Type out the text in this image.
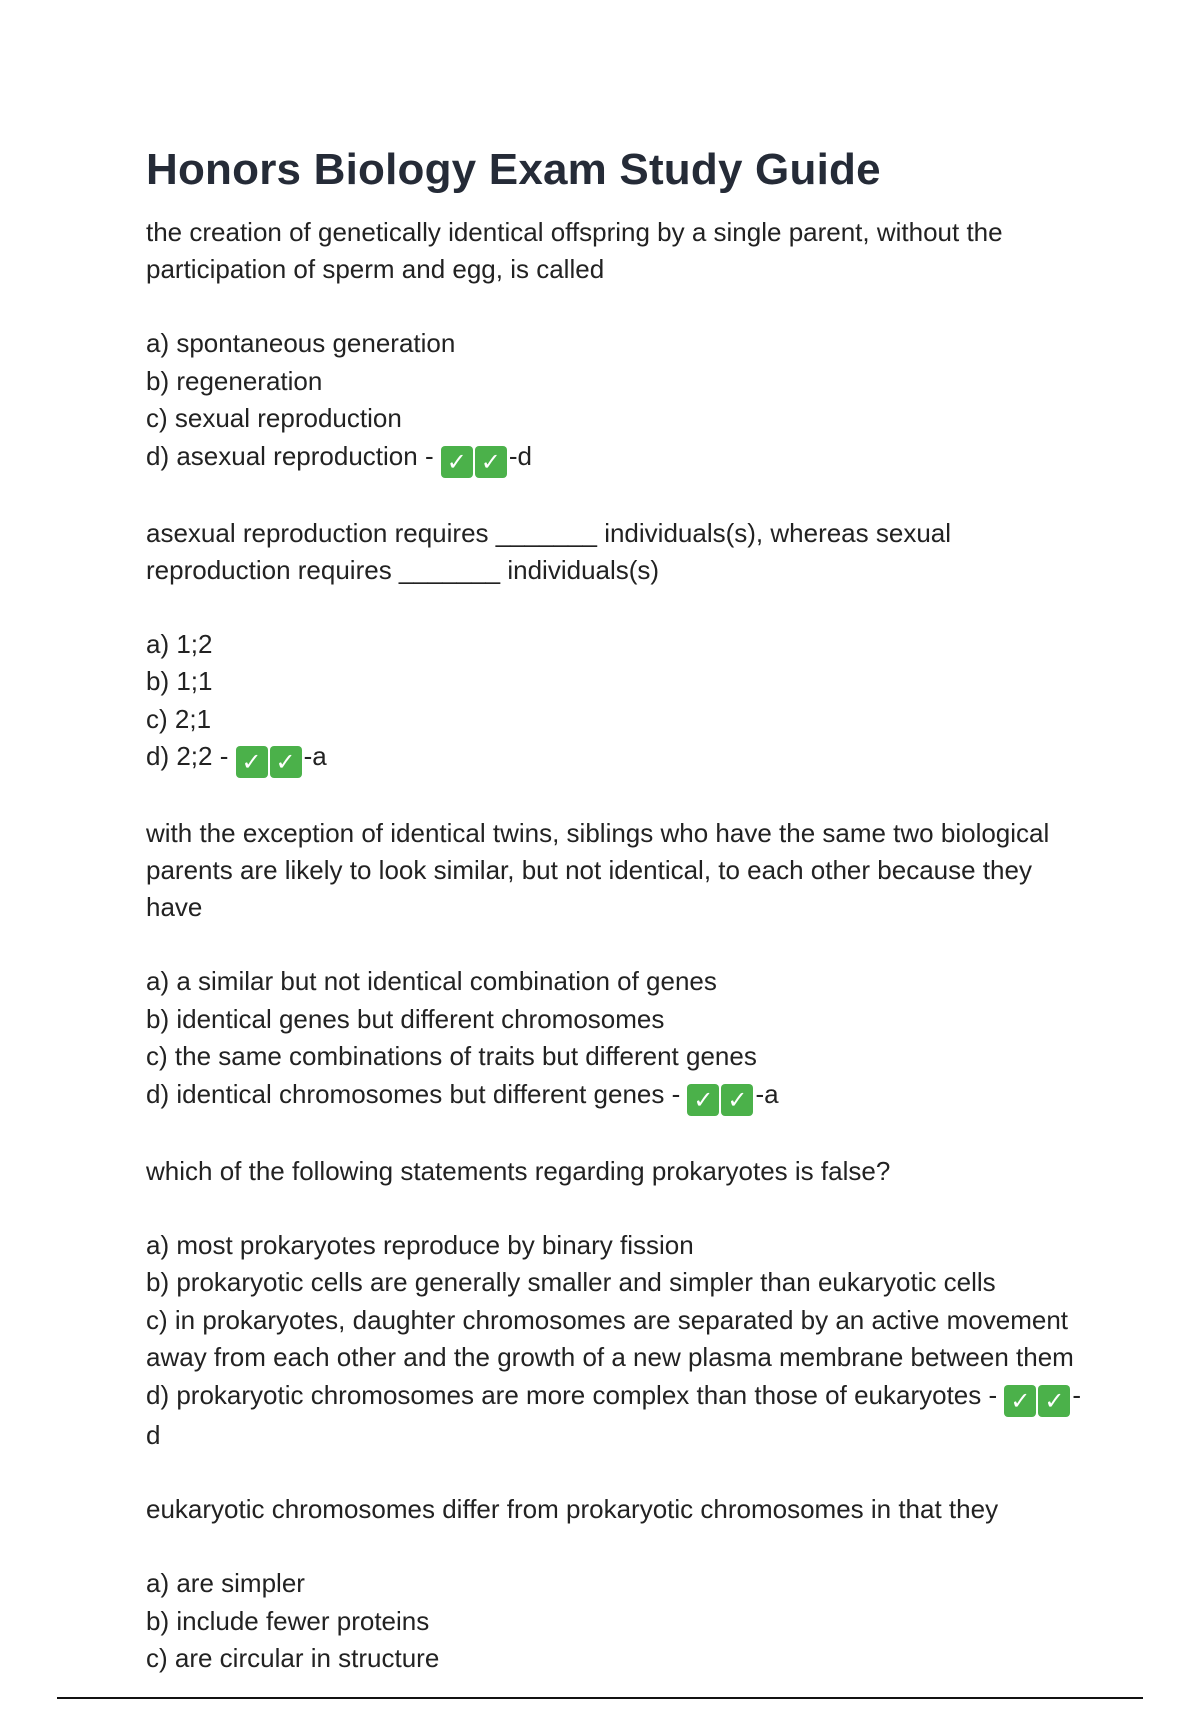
Honors Biology Exam Study Guide
the creation of genetically identical offspring by a single parent, without the participation of sperm and egg, is called
a) spontaneous generation
b) regeneration
c) sexual reproduction
d) asexual reproduction - ✓ ✓ -d
asexual reproduction requires _______ individuals(s), whereas sexual reproduction requires _______ individuals(s)
a) 1;2
b) 1;1
c) 2;1
d) 2;2 - ✓ ✓ -a
with the exception of identical twins, siblings who have the same two biological parents are likely to look similar, but not identical, to each other because they have
a) a similar but not identical combination of genes
b) identical genes but different chromosomes
c) the same combinations of traits but different genes
d) identical chromosomes but different genes - ✓ ✓ -a
which of the following statements regarding prokaryotes is false?
a) most prokaryotes reproduce by binary fission
b) prokaryotic cells are generally smaller and simpler than eukaryotic cells
c) in prokaryotes, daughter chromosomes are separated by an active movement away from each other and the growth of a new plasma membrane between them
d) prokaryotic chromosomes are more complex than those of eukaryotes - ✓ ✓ -d
eukaryotic chromosomes differ from prokaryotic chromosomes in that they
a) are simpler
b) include fewer proteins
c) are circular in structure
